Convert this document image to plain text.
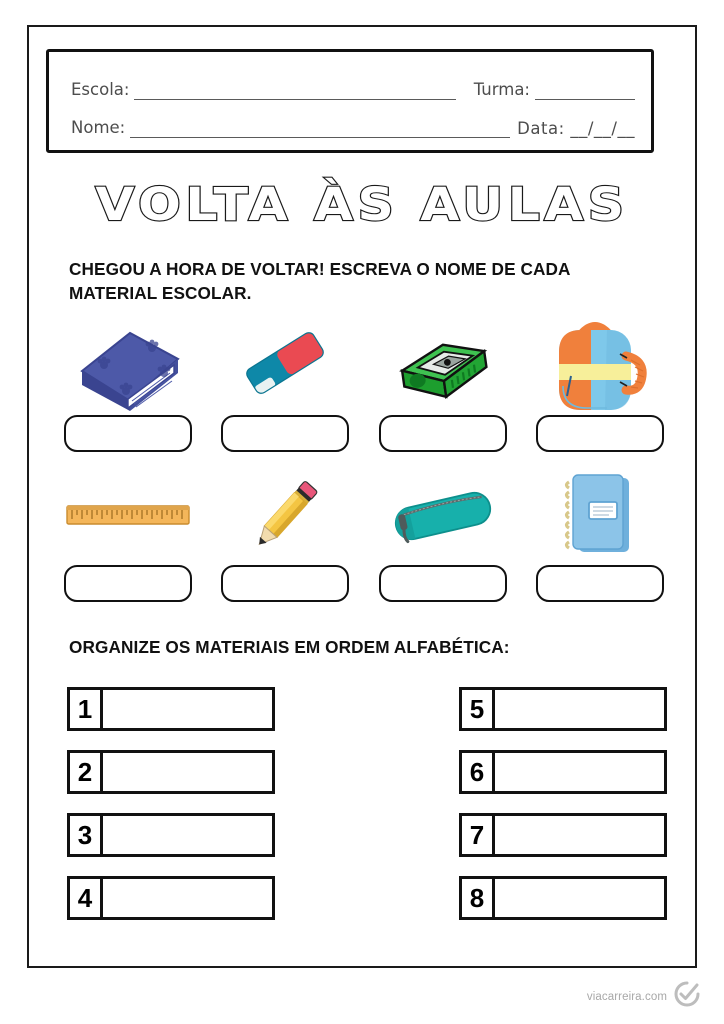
Escola:	Turma:
Nome:	Data: __/__/__
VOLTA ÀS AULAS
CHEGOU A HORA DE VOLTAR! ESCREVA O NOME DE CADA MATERIAL ESCOLAR.
ORGANIZE OS MATERIAIS EM ORDEM ALFABÉTICA:
1	5
2	6
3	7
4	8
viacarreira.com
